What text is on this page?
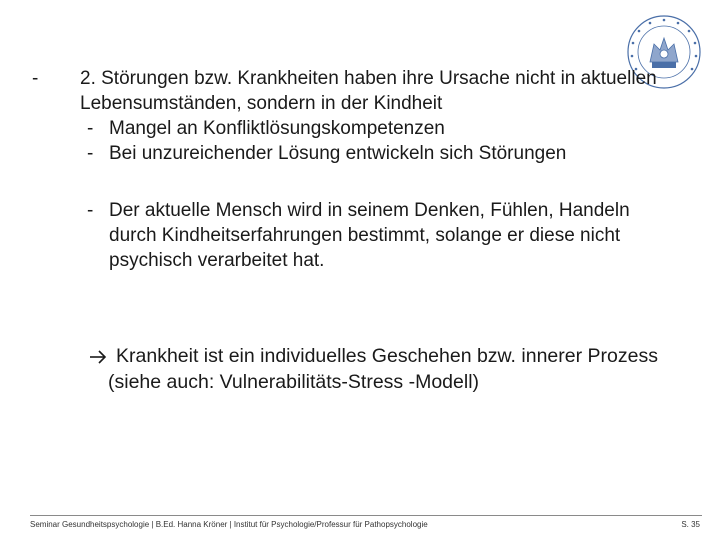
- 2. Störungen bzw. Krankheiten haben ihre Ursache nicht in aktuellen Lebensumständen, sondern in der Kindheit
- Mangel an Konfliktlösungskompetenzen
- Bei unzureichender Lösung entwickeln sich Störungen
- Der aktuelle Mensch wird in seinem Denken, Fühlen, Handeln durch Kindheitserfahrungen bestimmt, solange er diese nicht psychisch verarbeitet hat.
Krankheit ist ein individuelles Geschehen bzw. innerer Prozess (siehe auch: Vulnerabilitäts-Stress -Modell)
Seminar Gesundheitspsychologie | B.Ed. Hanna Kröner | Institut für Psychologie/Professur für Pathopsychologie	S. 35
